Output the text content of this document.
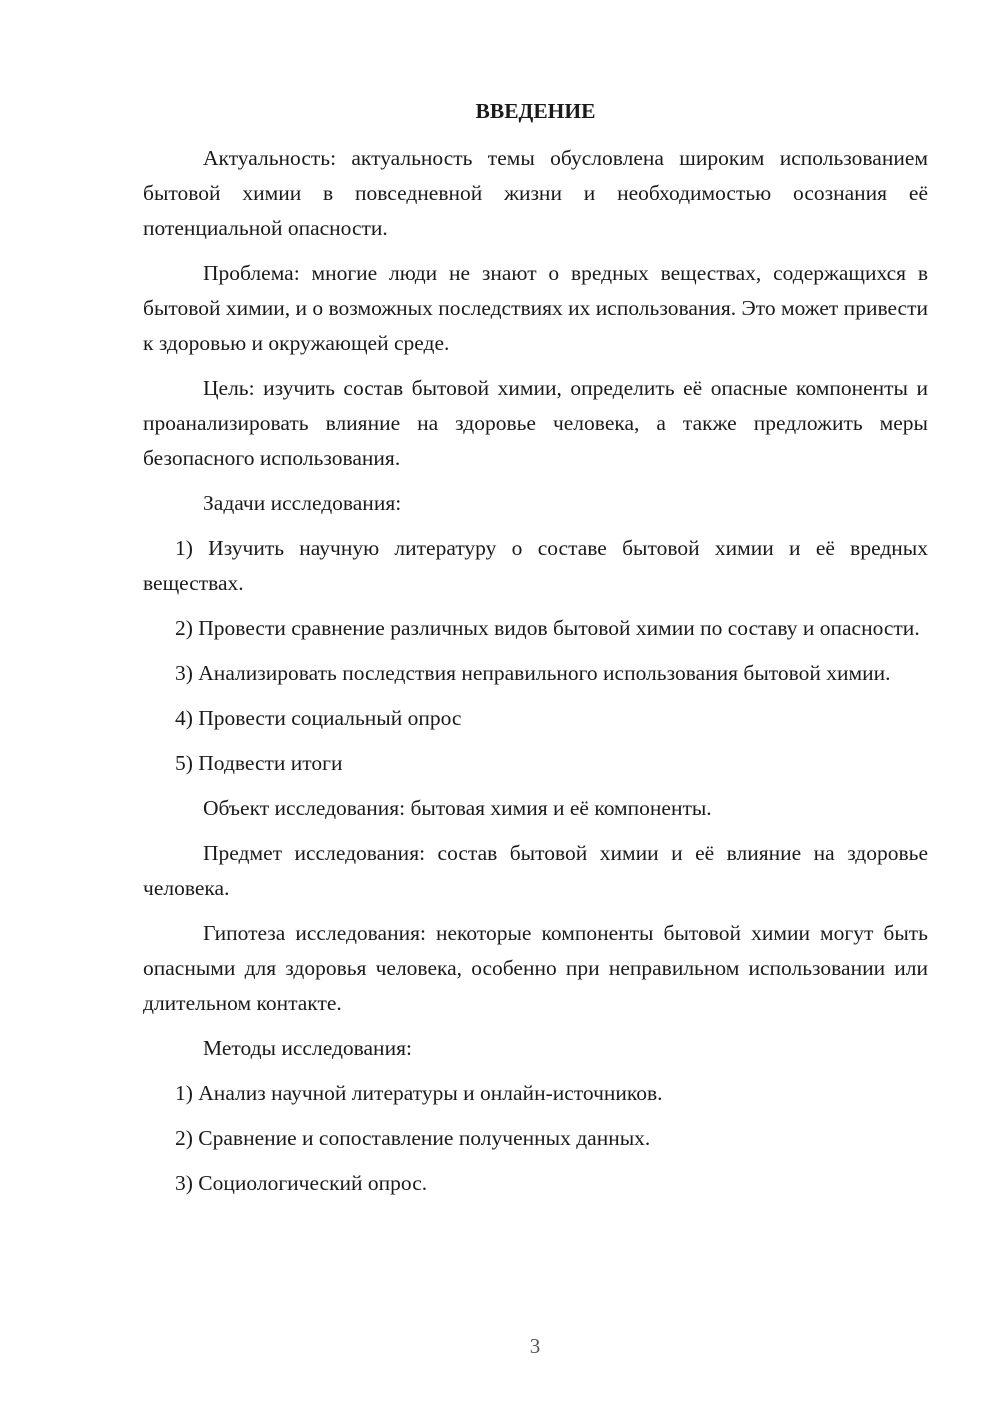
ВВЕДЕНИЕ

Актуальность: актуальность темы обусловлена широким использованием бытовой химии в повседневной жизни и необходимостью осознания её потенциальной опасности.

Проблема: многие люди не знают о вредных веществах, содержащихся в бытовой химии, и о возможных последствиях их использования. Это может привести к здоровью и окружающей среде.

Цель: изучить состав бытовой химии, определить её опасные компоненты и проанализировать влияние на здоровье человека, а также предложить меры безопасного использования.

Задачи исследования:

1) Изучить научную литературу о составе бытовой химии и её вредных веществах.

2) Провести сравнение различных видов бытовой химии по составу и опасности.

3) Анализировать последствия неправильного использования бытовой химии.

4) Провести социальный опрос

5) Подвести итоги

Объект исследования: бытовая химия и её компоненты.

Предмет исследования: состав бытовой химии и её влияние на здоровье человека.

Гипотеза исследования: некоторые компоненты бытовой химии могут быть опасными для здоровья человека, особенно при неправильном использовании или длительном контакте.

Методы исследования:

1) Анализ научной литературы и онлайн-источников.

2) Сравнение и сопоставление полученных данных.

3) Социологический опрос.

3
